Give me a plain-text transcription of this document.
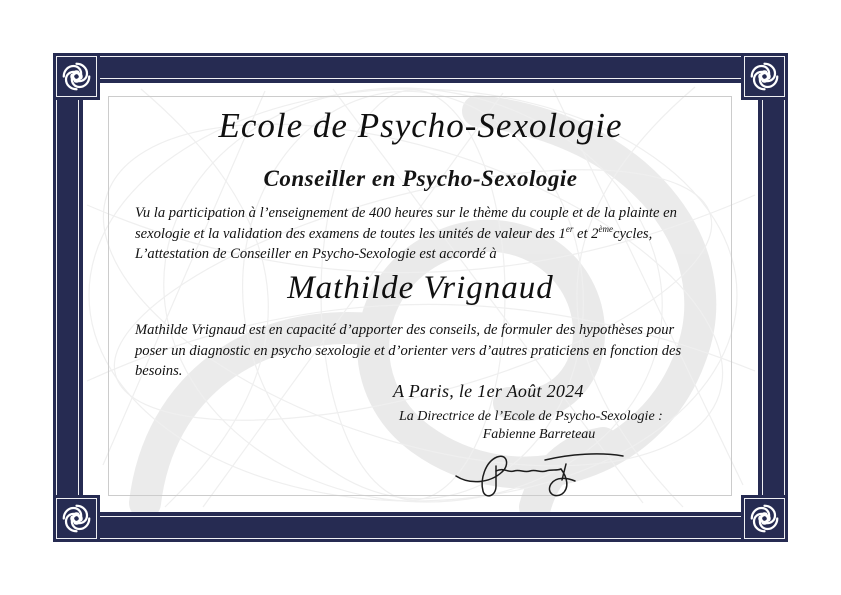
Ecole de Psycho-Sexologie
Conseiller en Psycho-Sexologie
Vu la participation à l’enseignement de 400 heures sur le thème du couple et de la plainte en
sexologie et la validation des examens de toutes les unités de valeur des 1er et 2èmecycles,
L’attestation de Conseiller en Psycho-Sexologie est accordé à
Mathilde Vrignaud
Mathilde Vrignaud est en capacité d’apporter des conseils, de formuler des hypothèses pour
poser un diagnostic en psycho sexologie et d’orienter vers d’autres praticiens en fonction des
besoins.
A Paris, le 1er Août 2024
La Directrice de l’Ecole de Psycho-Sexologie :
Fabienne Barreteau
